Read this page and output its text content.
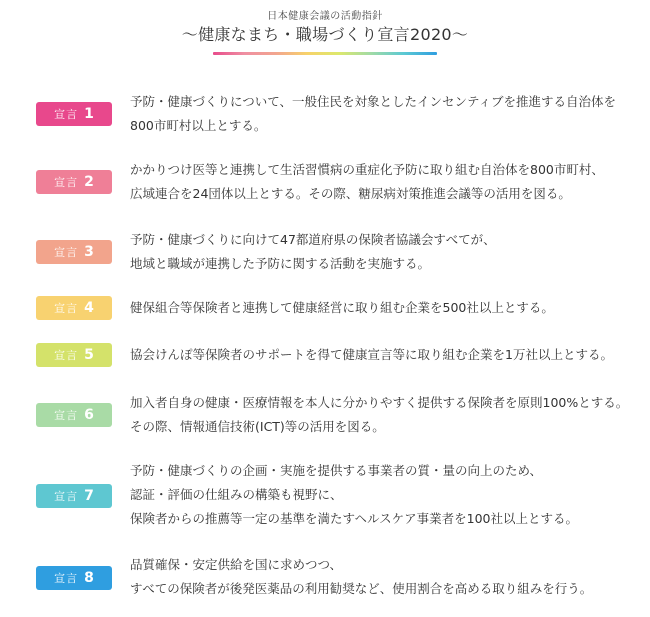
日本健康会議の活動指針
〜健康なまち・職場づくり宣言2020〜
宣言 1
予防・健康づくりについて、一般住民を対象としたインセンティブを推進する自治体を
800市町村以上とする。
宣言 2
かかりつけ医等と連携して生活習慣病の重症化予防に取り組む自治体を800市町村、
広域連合を24団体以上とする。その際、糖尿病対策推進会議等の活用を図る。
宣言 3
予防・健康づくりに向けて47都道府県の保険者協議会すべてが、
地域と職域が連携した予防に関する活動を実施する。
宣言 4	健保組合等保険者と連携して健康経営に取り組む企業を500社以上とする。
宣言 5	協会けんぽ等保険者のサポートを得て健康宣言等に取り組む企業を1万社以上とする。
宣言 6
加入者自身の健康・医療情報を本人に分かりやすく提供する保険者を原則100%とする。
その際、情報通信技術(ICT)等の活用を図る。
宣言 7
予防・健康づくりの企画・実施を提供する事業者の質・量の向上のため、
認証・評価の仕組みの構築も視野に、
保険者からの推薦等一定の基準を満たすヘルスケア事業者を100社以上とする。
宣言 8
品質確保・安定供給を国に求めつつ、
すべての保険者が後発医薬品の利用勧奨など、使用割合を高める取り組みを行う。
